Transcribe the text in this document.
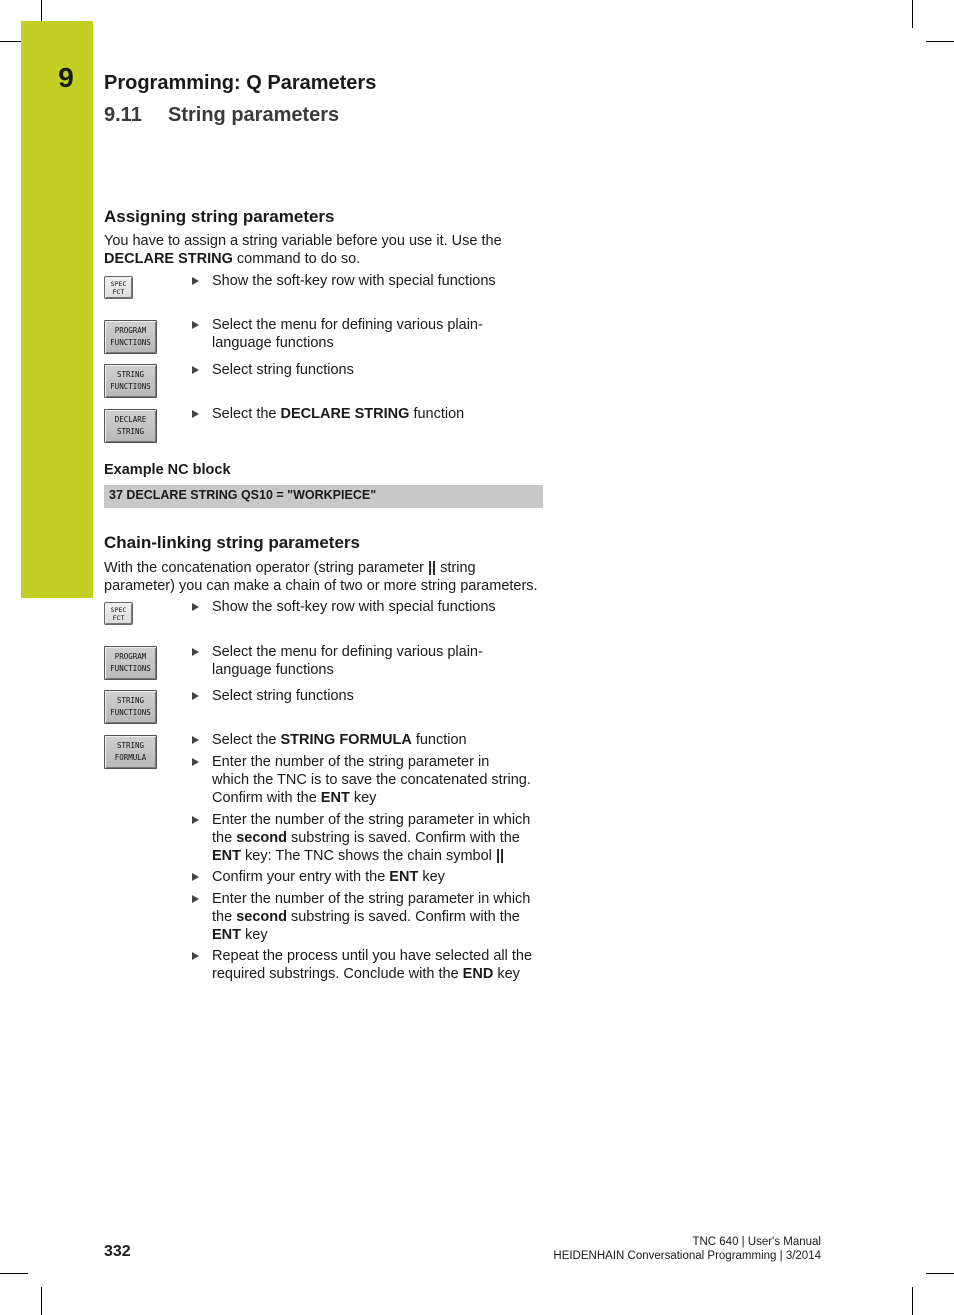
9	Programming: Q Parameters
9.11 String parameters
Assigning string parameters
You have to assign a string variable before you use it. Use the
DECLARE STRING command to do so.
SPEC
FCT
Show the soft-key row with special functions
PROGRAM
FUNCTIONS
Select the menu for defining various plain-
language functions
STRING
FUNCTIONS
Select string functions
DECLARE
STRING
Select the DECLARE STRING function
Example NC block
37 DECLARE STRING QS10 = "WORKPIECE"
Chain-linking string parameters
With the concatenation operator (string parameter || string
parameter) you can make a chain of two or more string parameters.
SPEC
FCT
Show the soft-key row with special functions
PROGRAM
FUNCTIONS
Select the menu for defining various plain-
language functions
STRING
FUNCTIONS
Select string functions
STRING
FORMULA
Select the STRING FORMULA function
Enter the number of the string parameter in
which the TNC is to save the concatenated string.
Confirm with the ENT key
Enter the number of the string parameter in which
the second substring is saved. Confirm with the
ENT key: The TNC shows the chain symbol ||
Confirm your entry with the ENT key
Enter the number of the string parameter in which
the second substring is saved. Confirm with the
ENT key
Repeat the process until you have selected all the
required substrings. Conclude with the END key
332
TNC 640 | User's Manual
HEIDENHAIN Conversational Programming | 3/2014
